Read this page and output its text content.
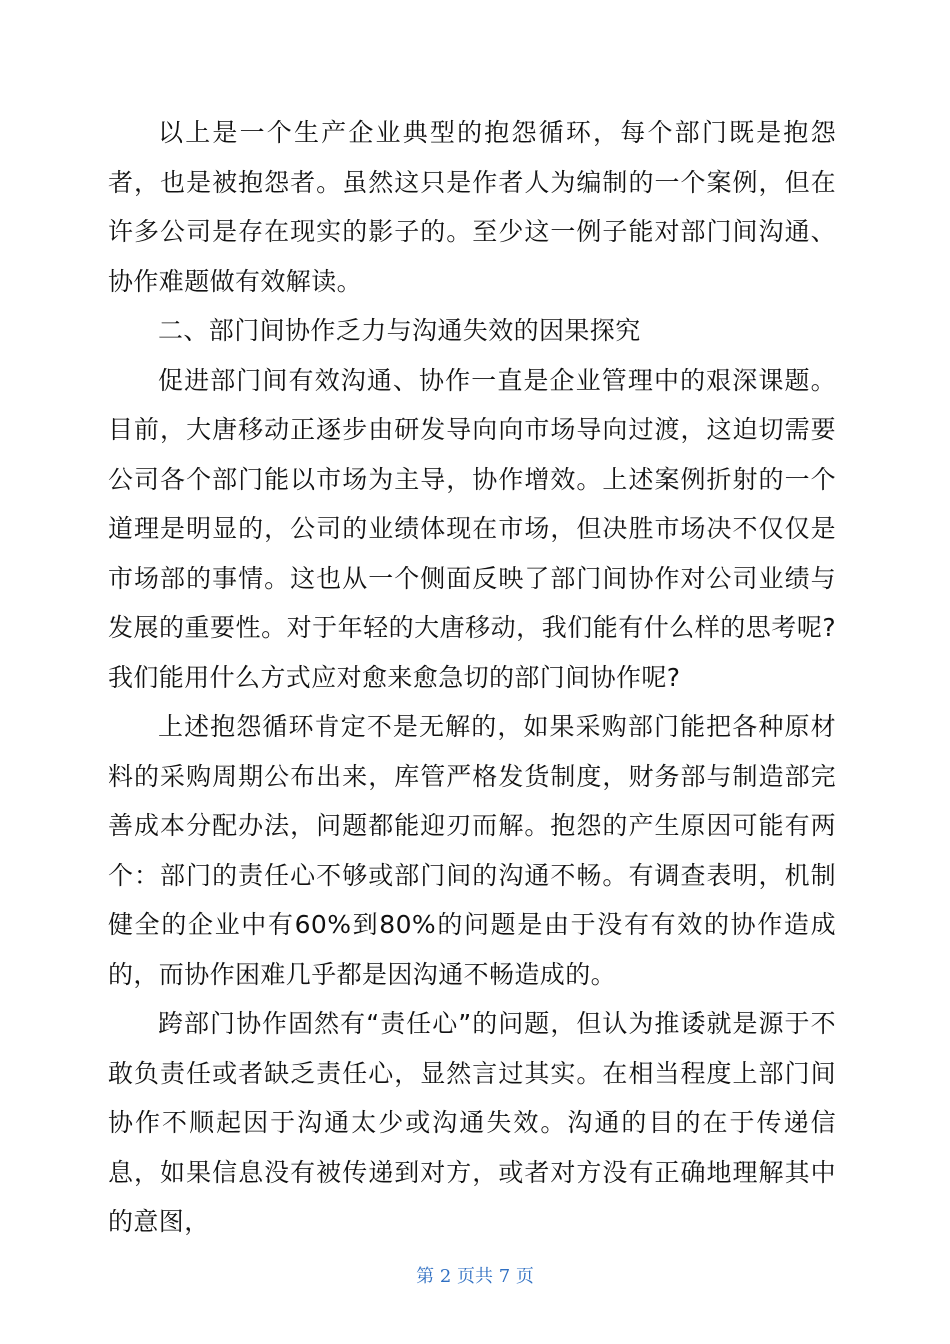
以上是一个生产企业典型的抱怨循环，每个部门既是抱怨者，也是被抱怨者。虽然这只是作者人为编制的一个案例，但在许多公司是存在现实的影子的。至少这一例子能对部门间沟通、协作难题做有效解读。

二、部门间协作乏力与沟通失效的因果探究

促进部门间有效沟通、协作一直是企业管理中的艰深课题。目前，大唐移动正逐步由研发导向向市场导向过渡，这迫切需要公司各个部门能以市场为主导，协作增效。上述案例折射的一个道理是明显的，公司的业绩体现在市场，但决胜市场决不仅仅是市场部的事情。这也从一个侧面反映了部门间协作对公司业绩与发展的重要性。对于年轻的大唐移动，我们能有什么样的思考呢?我们能用什么方式应对愈来愈急切的部门间协作呢?

上述抱怨循环肯定不是无解的，如果采购部门能把各种原材料的采购周期公布出来，库管严格发货制度，财务部与制造部完善成本分配办法，问题都能迎刃而解。抱怨的产生原因可能有两个：部门的责任心不够或部门间的沟通不畅。有调查表明，机制健全的企业中有60%到80%的问题是由于没有有效的协作造成的，而协作困难几乎都是因沟通不畅造成的。

跨部门协作固然有“责任心”的问题，但认为推诿就是源于不敢负责任或者缺乏责任心，显然言过其实。在相当程度上部门间协作不顺起因于沟通太少或沟通失效。沟通的目的在于传递信息，如果信息没有被传递到对方，或者对方没有正确地理解其中的意图，

第 2 页共 7 页
